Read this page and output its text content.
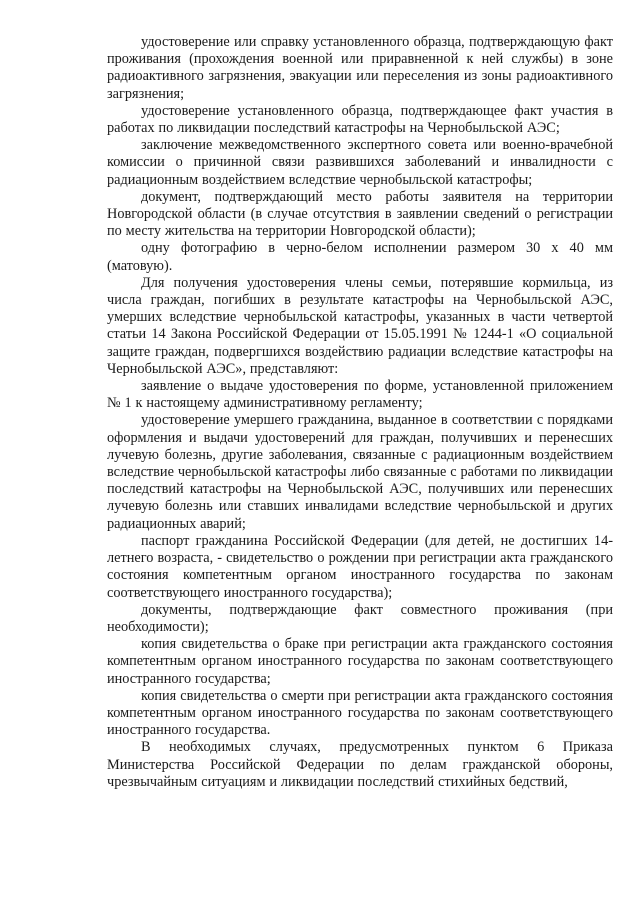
удостоверение или справку установленного образца, подтверждающую факт проживания (прохождения военной или приравненной к ней службы) в зоне радиоактивного загрязнения, эвакуации или переселения из зоны радиоактивного загрязнения;

удостоверение установленного образца, подтверждающее факт участия в работах по ликвидации последствий катастрофы на Чернобыльской АЭС;

заключение межведомственного экспертного совета или военно-врачебной комиссии о причинной связи развившихся заболеваний и инвалидности с радиационным воздействием вследствие чернобыльской катастрофы;

документ, подтверждающий место работы заявителя на территории Новгородской области (в случае отсутствия в заявлении сведений о регистрации по месту жительства на территории Новгородской области);

одну фотографию в черно-белом исполнении размером 30 х 40 мм (матовую).

Для получения удостоверения члены семьи, потерявшие кормильца, из числа граждан, погибших в результате катастрофы на Чернобыльской АЭС, умерших вследствие чернобыльской катастрофы, указанных в части четвертой статьи 14 Закона Российской Федерации от 15.05.1991 № 1244-1 «О социальной защите граждан, подвергшихся воздействию радиации вследствие катастрофы на Чернобыльской АЭС», представляют:

заявление о выдаче удостоверения по форме, установленной приложением № 1 к настоящему административному регламенту;

удостоверение умершего гражданина, выданное в соответствии с порядками оформления и выдачи удостоверений для граждан, получивших и перенесших лучевую болезнь, другие заболевания, связанные с радиационным воздействием вследствие чернобыльской катастрофы либо связанные с работами по ликвидации последствий катастрофы на Чернобыльской АЭС, получивших или перенесших лучевую болезнь или ставших инвалидами вследствие чернобыльской и других радиационных аварий;

паспорт гражданина Российской Федерации (для детей, не достигших 14-летнего возраста, - свидетельство о рождении при регистрации акта гражданского состояния компетентным органом иностранного государства по законам соответствующего иностранного государства);

документы, подтверждающие факт совместного проживания (при необходимости);

копия свидетельства о браке при регистрации акта гражданского состояния компетентным органом иностранного государства по законам соответствующего иностранного государства;

копия свидетельства о смерти при регистрации акта гражданского состояния компетентным органом иностранного государства по законам соответствующего иностранного государства.

В необходимых случаях, предусмотренных пунктом 6 Приказа Министерства Российской Федерации по делам гражданской обороны, чрезвычайным ситуациям и ликвидации последствий стихийных бедствий,
